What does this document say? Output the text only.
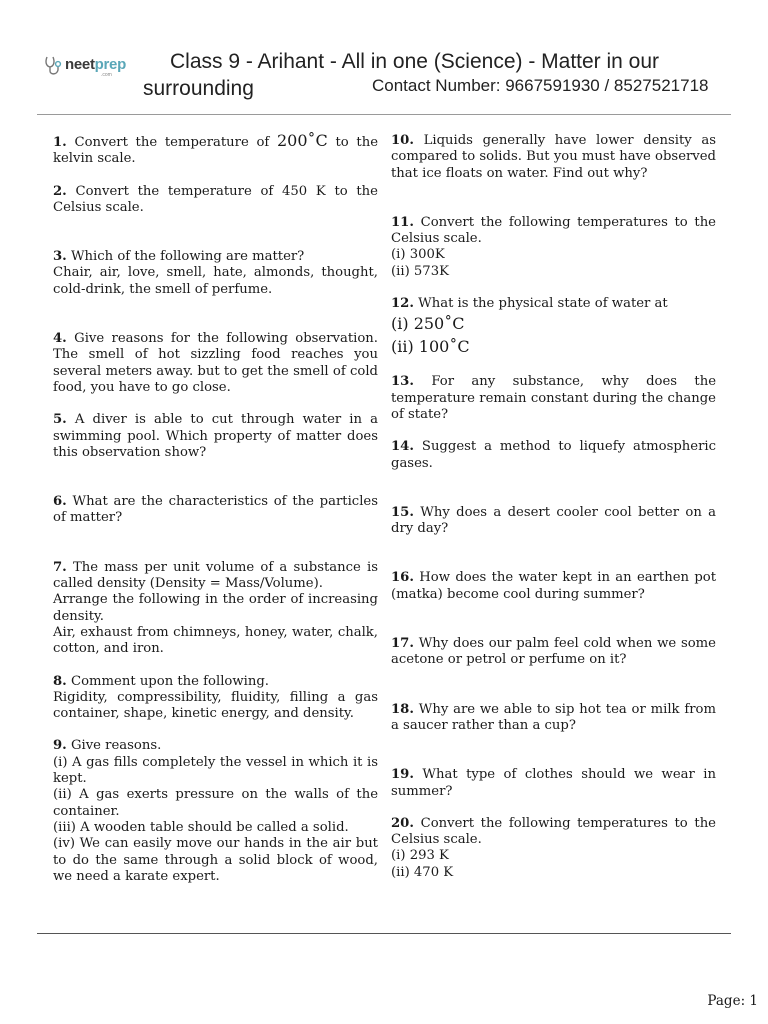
neetprep
.com
Class 9 - Arihant - All in one (Science) - Matter in our
surrounding	Contact Number: 9667591930 / 8527521718
1. Convert the temperature of 200˚C to the kelvin scale.
2. Convert the temperature of 450 K to the Celsius scale.
3. Which of the following are matter?
Chair, air, love, smell, hate, almonds, thought, cold-drink, the smell of perfume.
4. Give reasons for the following observation. The smell of hot sizzling food reaches you several meters away. but to get the smell of cold food, you have to go close.
5. A diver is able to cut through water in a swimming pool. Which property of matter does this observation show?
6. What are the characteristics of the particles of matter?
7. The mass per unit volume of a substance is called density (Density = Mass/Volume).
Arrange the following in the order of increasing density.
Air, exhaust from chimneys, honey, water, chalk, cotton, and iron.
8. Comment upon the following.
Rigidity, compressibility, fluidity, filling a gas container, shape, kinetic energy, and density.
9. Give reasons.
(i) A gas fills completely the vessel in which it is kept.
(ii) A gas exerts pressure on the walls of the container.
(iii) A wooden table should be called a solid.
(iv) We can easily move our hands in the air but to do the same through a solid block of wood, we need a karate expert.
10. Liquids generally have lower density as compared to solids. But you must have observed that ice floats on water. Find out why?
11. Convert the following temperatures to the Celsius scale.
(i) 300K
(ii) 573K
12. What is the physical state of water at
(i) 250˚C
(ii) 100˚C
13. For any substance, why does the temperature remain constant during the change of state?
14. Suggest a method to liquefy atmospheric gases.
15. Why does a desert cooler cool better on a dry day?
16. How does the water kept in an earthen pot (matka) become cool during summer?
17. Why does our palm feel cold when we some acetone or petrol or perfume on it?
18. Why are we able to sip hot tea or milk from a saucer rather than a cup?
19. What type of clothes should we wear in summer?
20. Convert the following temperatures to the Celsius scale.
(i) 293 K
(ii) 470 K
Page: 1
